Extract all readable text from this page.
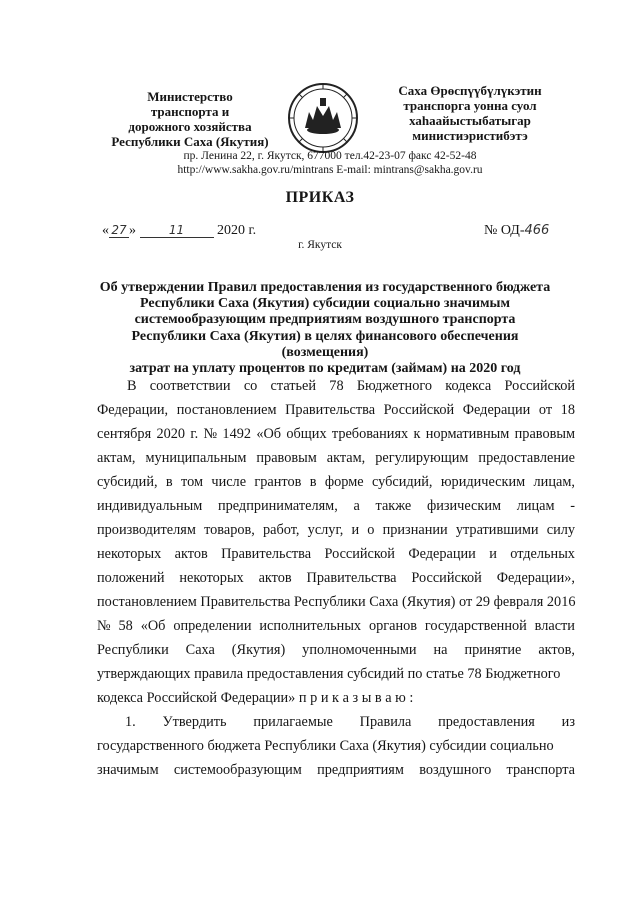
Министерство
транспорта и
дорожного хозяйства
Республики Саха (Якутия)
Саха Өрөспүүбүлүкэтин
транспорга уонна суол
хаһаайыстыбатыгар
министиэристибэтэ
пр. Ленина 22, г. Якутск, 677000 тел.42-23-07 факс 42-52-48
http://www.sakha.gov.ru/mintrans E-mail: mintrans@sakha.gov.ru
ПРИКАЗ
« 27 »	11 2020 г.	№ ОД-466
г. Якутск
Об утверждении Правил предоставления из государственного бюджета
Республики Саха (Якутия) субсидии социально значимым
системообразующим предприятиям воздушного транспорта
Республики Саха (Якутия) в целях финансового обеспечения (возмещения)
затрат на уплату процентов по кредитам (займам) на 2020 год
В соответствии со статьей 78 Бюджетного кодекса Российской
Федерации, постановлением Правительства Российской Федерации от 18
сентября 2020 г. № 1492 «Об общих требованиях к нормативным правовым
актам, муниципальным правовым актам, регулирующим предоставление
субсидий, в том числе грантов в форме субсидий, юридическим лицам,
индивидуальным предпринимателям, а также физическим лицам -
производителям товаров, работ, услуг, и о признании утратившими силу
некоторых актов Правительства Российской Федерации и отдельных
положений некоторых актов Правительства Российской Федерации»,
постановлением Правительства Республики Саха (Якутия) от 29 февраля 2016
№ 58 «Об определении исполнительных органов государственной власти
Республики Саха (Якутия) уполномоченными на принятие актов,
утверждающих правила предоставления субсидий по статье 78 Бюджетного
кодекса Российской Федерации» п р и к а з ы в а ю :
1. Утвердить прилагаемые Правила предоставления из
государственного бюджета Республики Саха (Якутия) субсидии социально
значимым системообразующим предприятиям воздушного транспорта
